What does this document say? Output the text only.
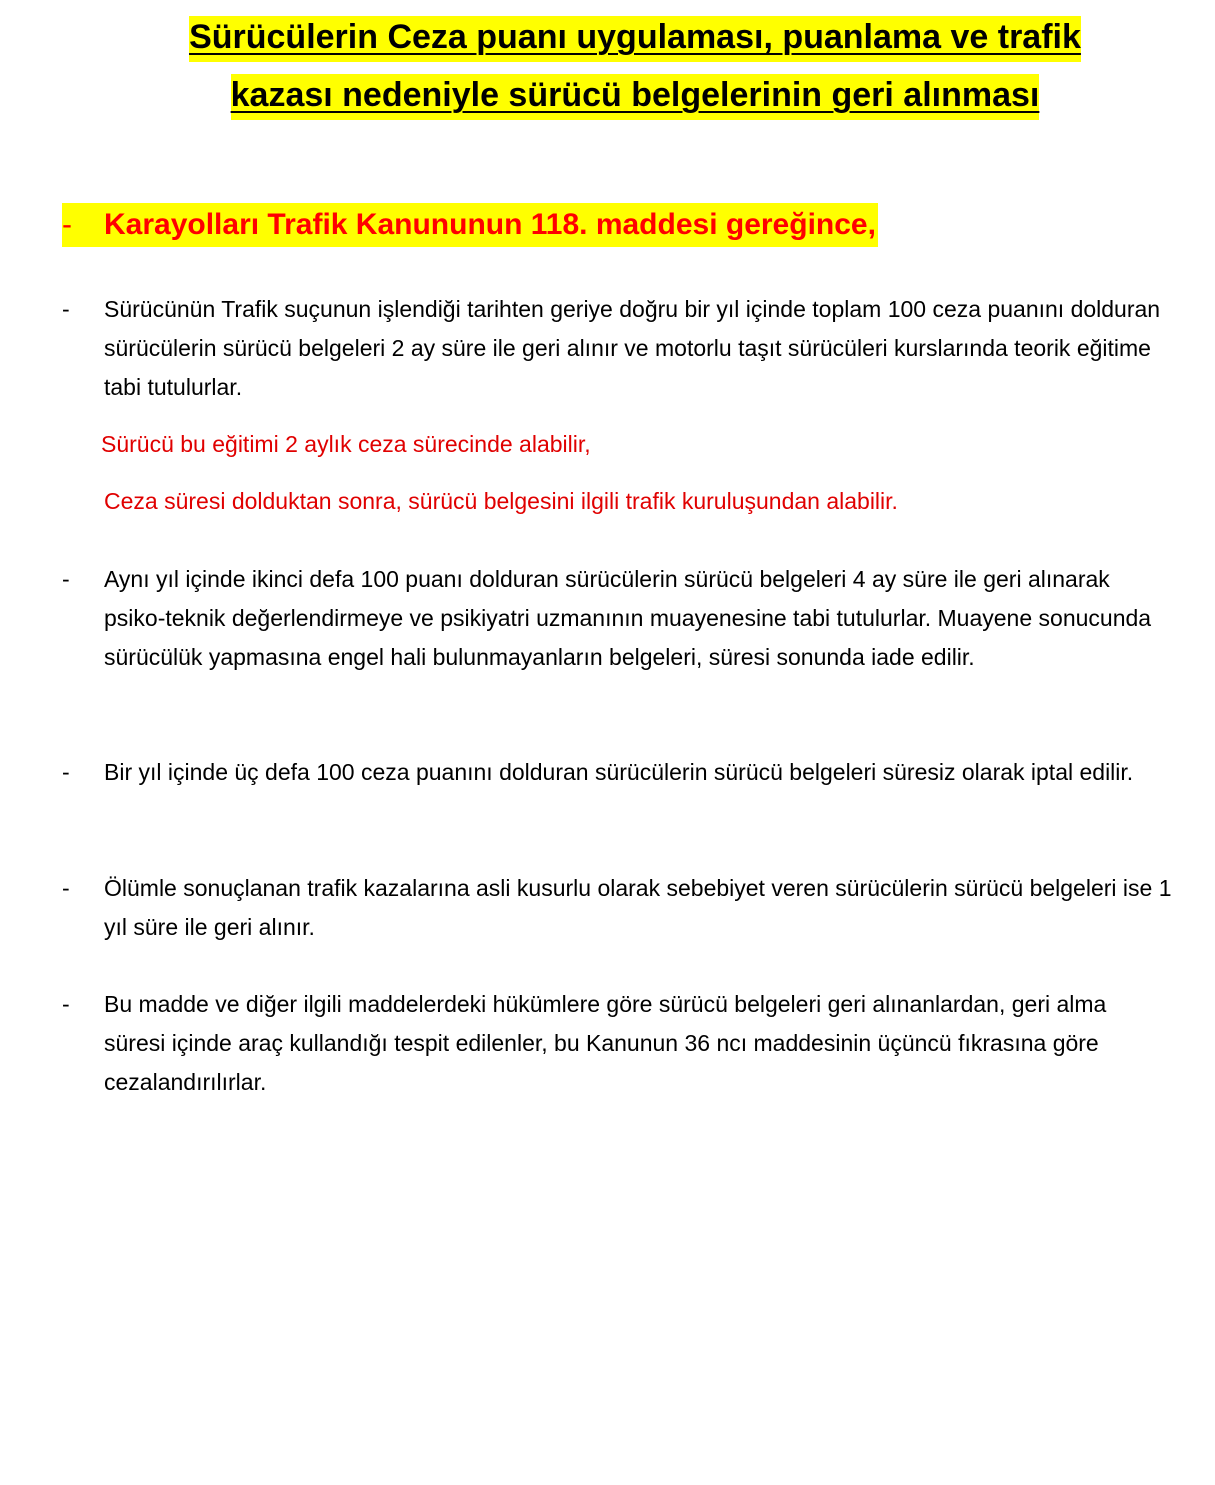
Sürücülerin Ceza puanı uygulaması, puanlama ve trafik
kazası nedeniyle sürücü belgelerinin geri alınması
- Karayolları Trafik Kanununun 118. maddesi gereğince,
- Sürücünün Trafik suçunun işlendiği tarihten geriye doğru bir yıl içinde toplam 100 ceza puanını dolduran sürücülerin sürücü belgeleri 2 ay süre ile geri alınır ve motorlu taşıt sürücüleri kurslarında teorik eğitime tabi tutulurlar.
Sürücü bu eğitimi 2 aylık ceza sürecinde alabilir,
Ceza süresi dolduktan sonra, sürücü belgesini ilgili trafik kuruluşundan alabilir.
- Aynı yıl içinde ikinci defa 100 puanı dolduran sürücülerin sürücü belgeleri 4 ay süre ile geri alınarak psiko-teknik değerlendirmeye ve psikiyatri uzmanının muayenesine tabi tutulurlar. Muayene sonucunda sürücülük yapmasına engel hali bulunmayanların belgeleri, süresi sonunda iade edilir.
- Bir yıl içinde üç defa 100 ceza puanını dolduran sürücülerin sürücü belgeleri süresiz olarak iptal edilir.
- Ölümle sonuçlanan trafik kazalarına asli kusurlu olarak sebebiyet veren sürücülerin sürücü belgeleri ise 1 yıl süre ile geri alınır.
- Bu madde ve diğer ilgili maddelerdeki hükümlere göre sürücü belgeleri geri alınanlardan, geri alma süresi içinde araç kullandığı tespit edilenler, bu Kanunun 36 ncı maddesinin üçüncü fıkrasına göre cezalandırılırlar.
